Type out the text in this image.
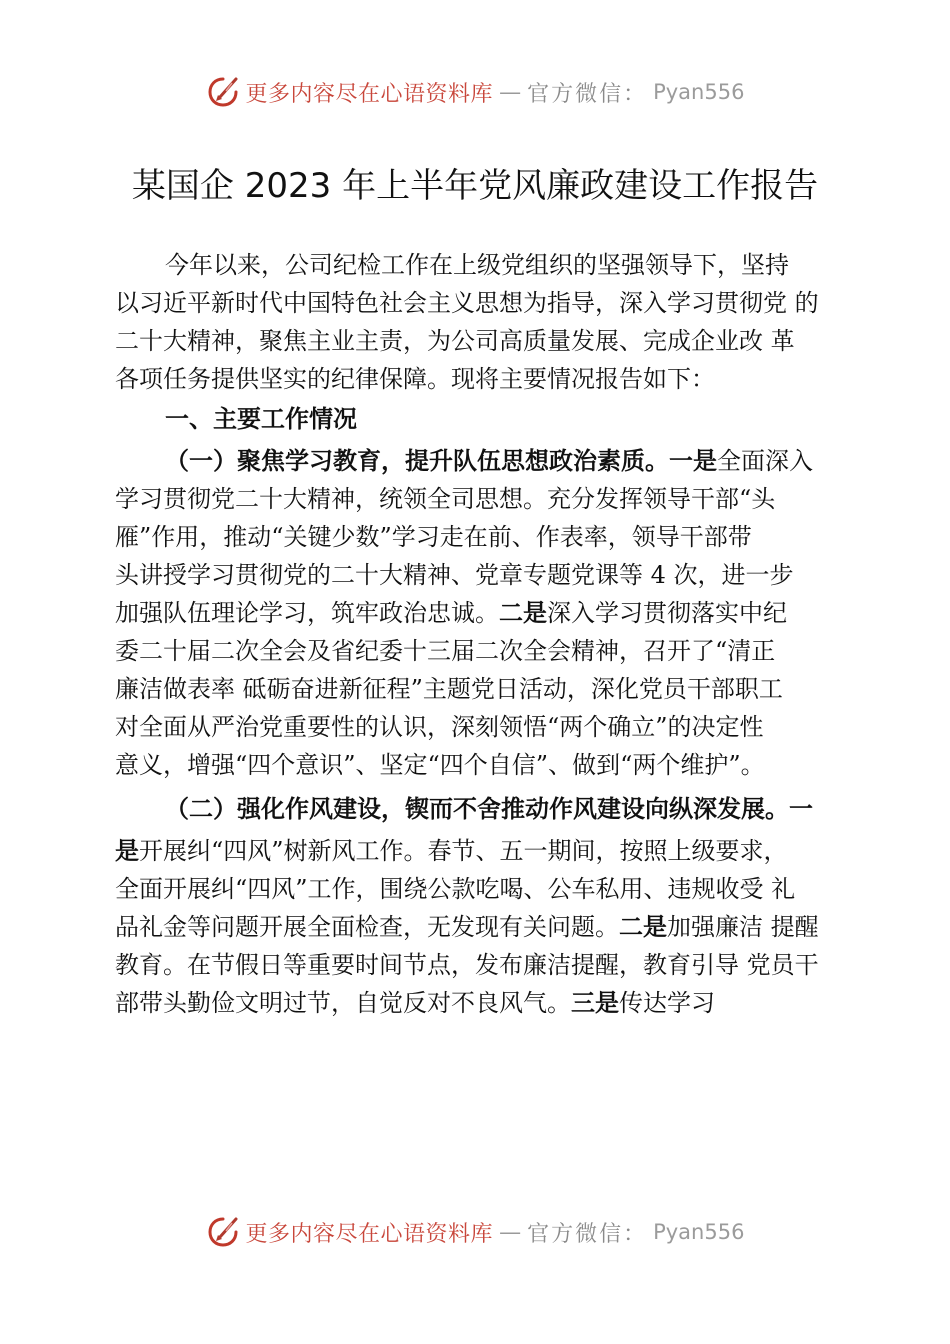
更多内容尽在心语资料库 — 官方微信： Pyan556
某国企 2023 年上半年党风廉政建设工作报告

今年以来，公司纪检工作在上级党组织的坚强领导下，坚持

以习近平新时代中国特色社会主义思想为指导，深入学习贯彻党 的

二十大精神，聚焦主业主责，为公司高质量发展、完成企业改 革

各项任务提供坚实的纪律保障。现将主要情况报告如下：

一、主要工作情况

（一）聚焦学习教育，提升队伍思想政治素质。一是全面深入

学习贯彻党二十大精神，统领全司思想。充分发挥领导干部“头

雁”作用，推动“关键少数”学习走在前、作表率，领导干部带

头讲授学习贯彻党的二十大精神、党章专题党课等 4 次，进一步

加强队伍理论学习，筑牢政治忠诚。二是深入学习贯彻落实中纪

委二十届二次全会及省纪委十三届二次全会精神，召开了“清正

廉洁做表率 砥砺奋进新征程”主题党日活动，深化党员干部职工

对全面从严治党重要性的认识，深刻领悟“两个确立”的决定性

意义，增强“四个意识”、坚定“四个自信”、做到“两个维护”。

（二）强化作风建设，锲而不舍推动作风建设向纵深发展。一

是开展纠“四风”树新风工作。春节、五一期间，按照上级要求，

全面开展纠“四风”工作，围绕公款吃喝、公车私用、违规收受 礼

品礼金等问题开展全面检查，无发现有关问题。二是加强廉洁 提醒

教育。在节假日等重要时间节点，发布廉洁提醒，教育引导 党员干

部带头勤俭文明过节，自觉反对不良风气。三是传达学习

更多内容尽在心语资料库 — 官方微信： Pyan556
